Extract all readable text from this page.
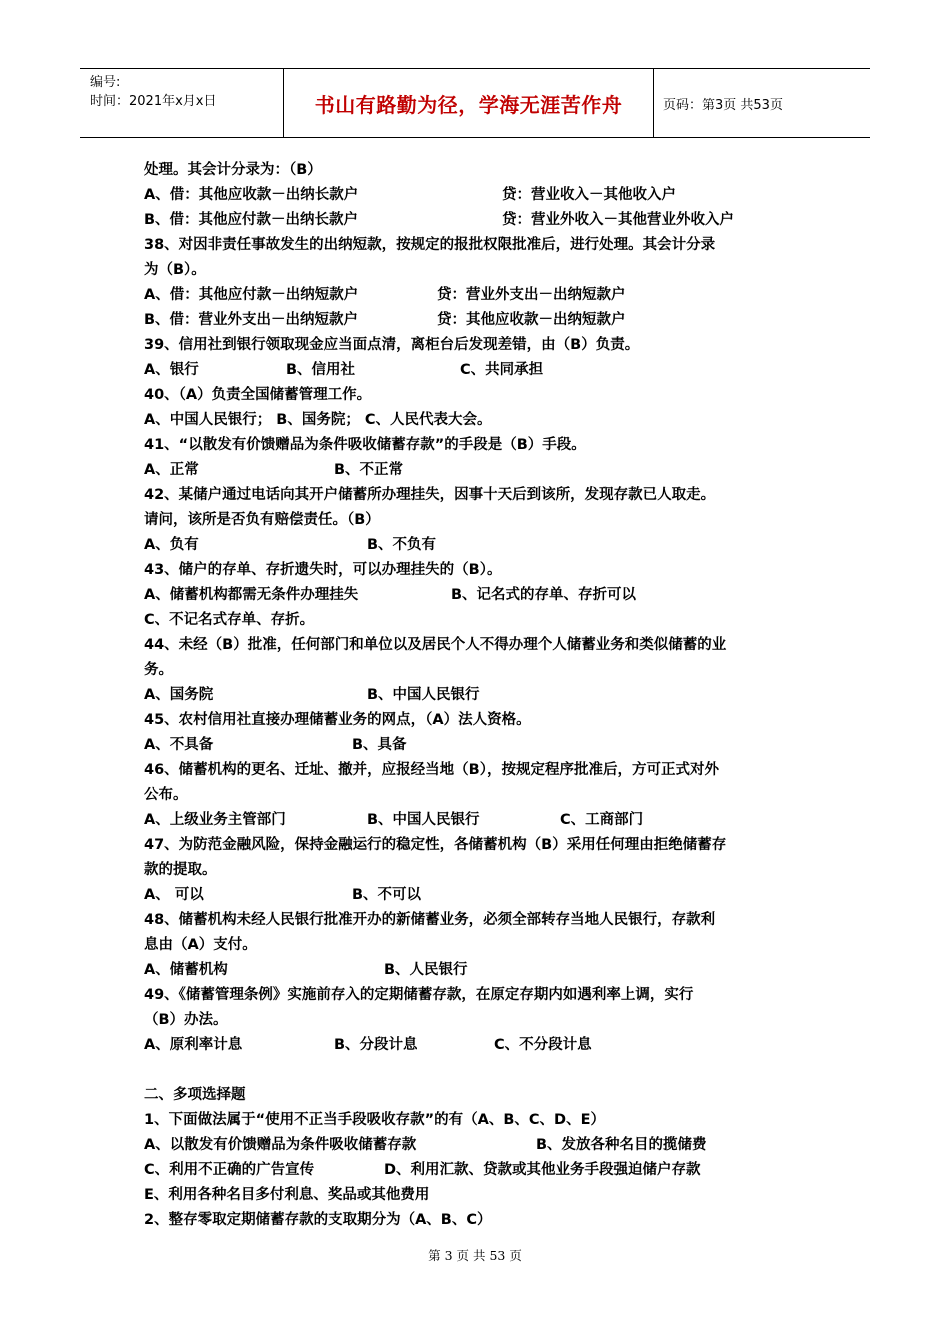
编号:
时间：2021年x月x日	书山有路勤为径，学海无涯苦作舟	页码：第3页 共53页
处理。其会计分录为：（B）
A、借：其他应收款－出纳长款户	贷：营业收入－其他收入户
B、借：其他应付款－出纳长款户	贷：营业外收入－其他营业外收入户
38、对因非责任事故发生的出纳短款，按规定的报批权限批准后，进行处理。其会计分录
为（B）。
A、借：其他应付款－出纳短款户	贷：营业外支出－出纳短款户
B、借：营业外支出－出纳短款户	贷：其他应收款－出纳短款户
39、信用社到银行领取现金应当面点清，离柜台后发现差错，由（B）负责。
A、银行	B、信用社	C、共同承担
40、（A）负责全国储蓄管理工作。
A、中国人民银行； B、国务院； C、人民代表大会。
41、“以散发有价馈赠品为条件吸收储蓄存款”的手段是（B）手段。
A、正常	B、不正常
42、某储户通过电话向其开户储蓄所办理挂失，因事十天后到该所，发现存款已人取走。
请问，该所是否负有赔偿责任。（B）
A、负有	B、不负有
43、储户的存单、存折遗失时，可以办理挂失的（B）。
A、储蓄机构都需无条件办理挂失	B、记名式的存单、存折可以
C、不记名式存单、存折。
44、未经（B）批准，任何部门和单位以及居民个人不得办理个人储蓄业务和类似储蓄的业
务。
A、国务院	B、中国人民银行
45、农村信用社直接办理储蓄业务的网点，（A）法人资格。
A、不具备	B、具备
46、储蓄机构的更名、迁址、撤并，应报经当地（B），按规定程序批准后，方可正式对外
公布。
A、上级业务主管部门	B、中国人民银行	C、工商部门
47、为防范金融风险，保持金融运行的稳定性，各储蓄机构（B）采用任何理由拒绝储蓄存
款的提取。
A、 可以	B、不可以
48、储蓄机构未经人民银行批准开办的新储蓄业务，必须全部转存当地人民银行，存款利
息由（A）支付。
A、储蓄机构	B、人民银行
49、《储蓄管理条例》实施前存入的定期储蓄存款，在原定存期内如遇利率上调，实行
（B）办法。
A、原利率计息	B、分段计息	C、不分段计息
二、多项选择题
1、下面做法属于“使用不正当手段吸收存款”的有（A、B、C、D、E）
A、以散发有价馈赠品为条件吸收储蓄存款	B、发放各种名目的揽储费
C、利用不正确的广告宣传	D、利用汇款、贷款或其他业务手段强迫储户存款
E、利用各种名目多付利息、奖品或其他费用
2、整存零取定期储蓄存款的支取期分为（A、B、C）
第 3 页 共 53 页
